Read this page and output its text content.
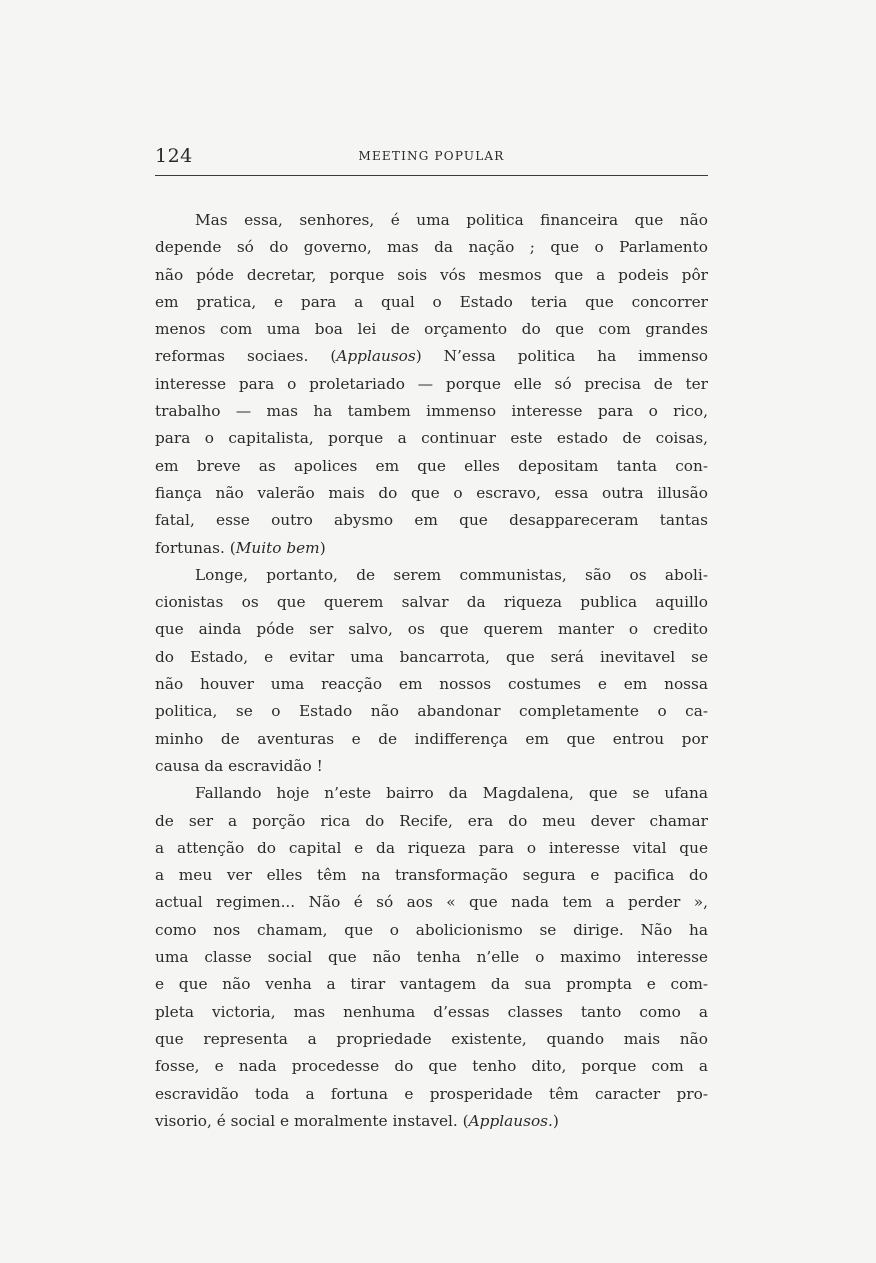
124	MEETING POPULAR
Mas essa, senhores, é uma politica financeira que não
depende só do governo, mas da nação ; que o Parlamento
não póde decretar, porque sois vós mesmos que a podeis pôr
em pratica, e para a qual o Estado teria que concorrer
menos com uma boa lei de orçamento do que com grandes
reformas sociaes. (Applausos) N’essa politica ha immenso
interesse para o proletariado — porque elle só precisa de ter
trabalho — mas ha tambem immenso interesse para o rico,
para o capitalista, porque a continuar este estado de coisas,
em breve as apolices em que elles depositam tanta con-
fiança não valerão mais do que o escravo, essa outra illusão
fatal, esse outro abysmo em que desappareceram tantas
fortunas. (Muito bem)
Longe, portanto, de serem communistas, são os aboli-
cionistas os que querem salvar da riqueza publica aquillo
que ainda póde ser salvo, os que querem manter o credito
do Estado, e evitar uma bancarrota, que será inevitavel se
não houver uma reacção em nossos costumes e em nossa
politica, se o Estado não abandonar completamente o ca-
minho de aventuras e de indifferença em que entrou por
causa da escravidão !
Fallando hoje n’este bairro da Magdalena, que se ufana
de ser a porção rica do Recife, era do meu dever chamar
a attenção do capital e da riqueza para o interesse vital que
a meu ver elles têm na transformação segura e pacifica do
actual regimen... Não é só aos « que nada tem a perder »,
como nos chamam, que o abolicionismo se dirige. Não ha
uma classe social que não tenha n’elle o maximo interesse
e que não venha a tirar vantagem da sua prompta e com-
pleta victoria, mas nenhuma d’essas classes tanto como a
que representa a propriedade existente, quando mais não
fosse, e nada procedesse do que tenho dito, porque com a
escravidão toda a fortuna e prosperidade têm caracter pro-
visorio, é social e moralmente instavel. (Applausos.)
